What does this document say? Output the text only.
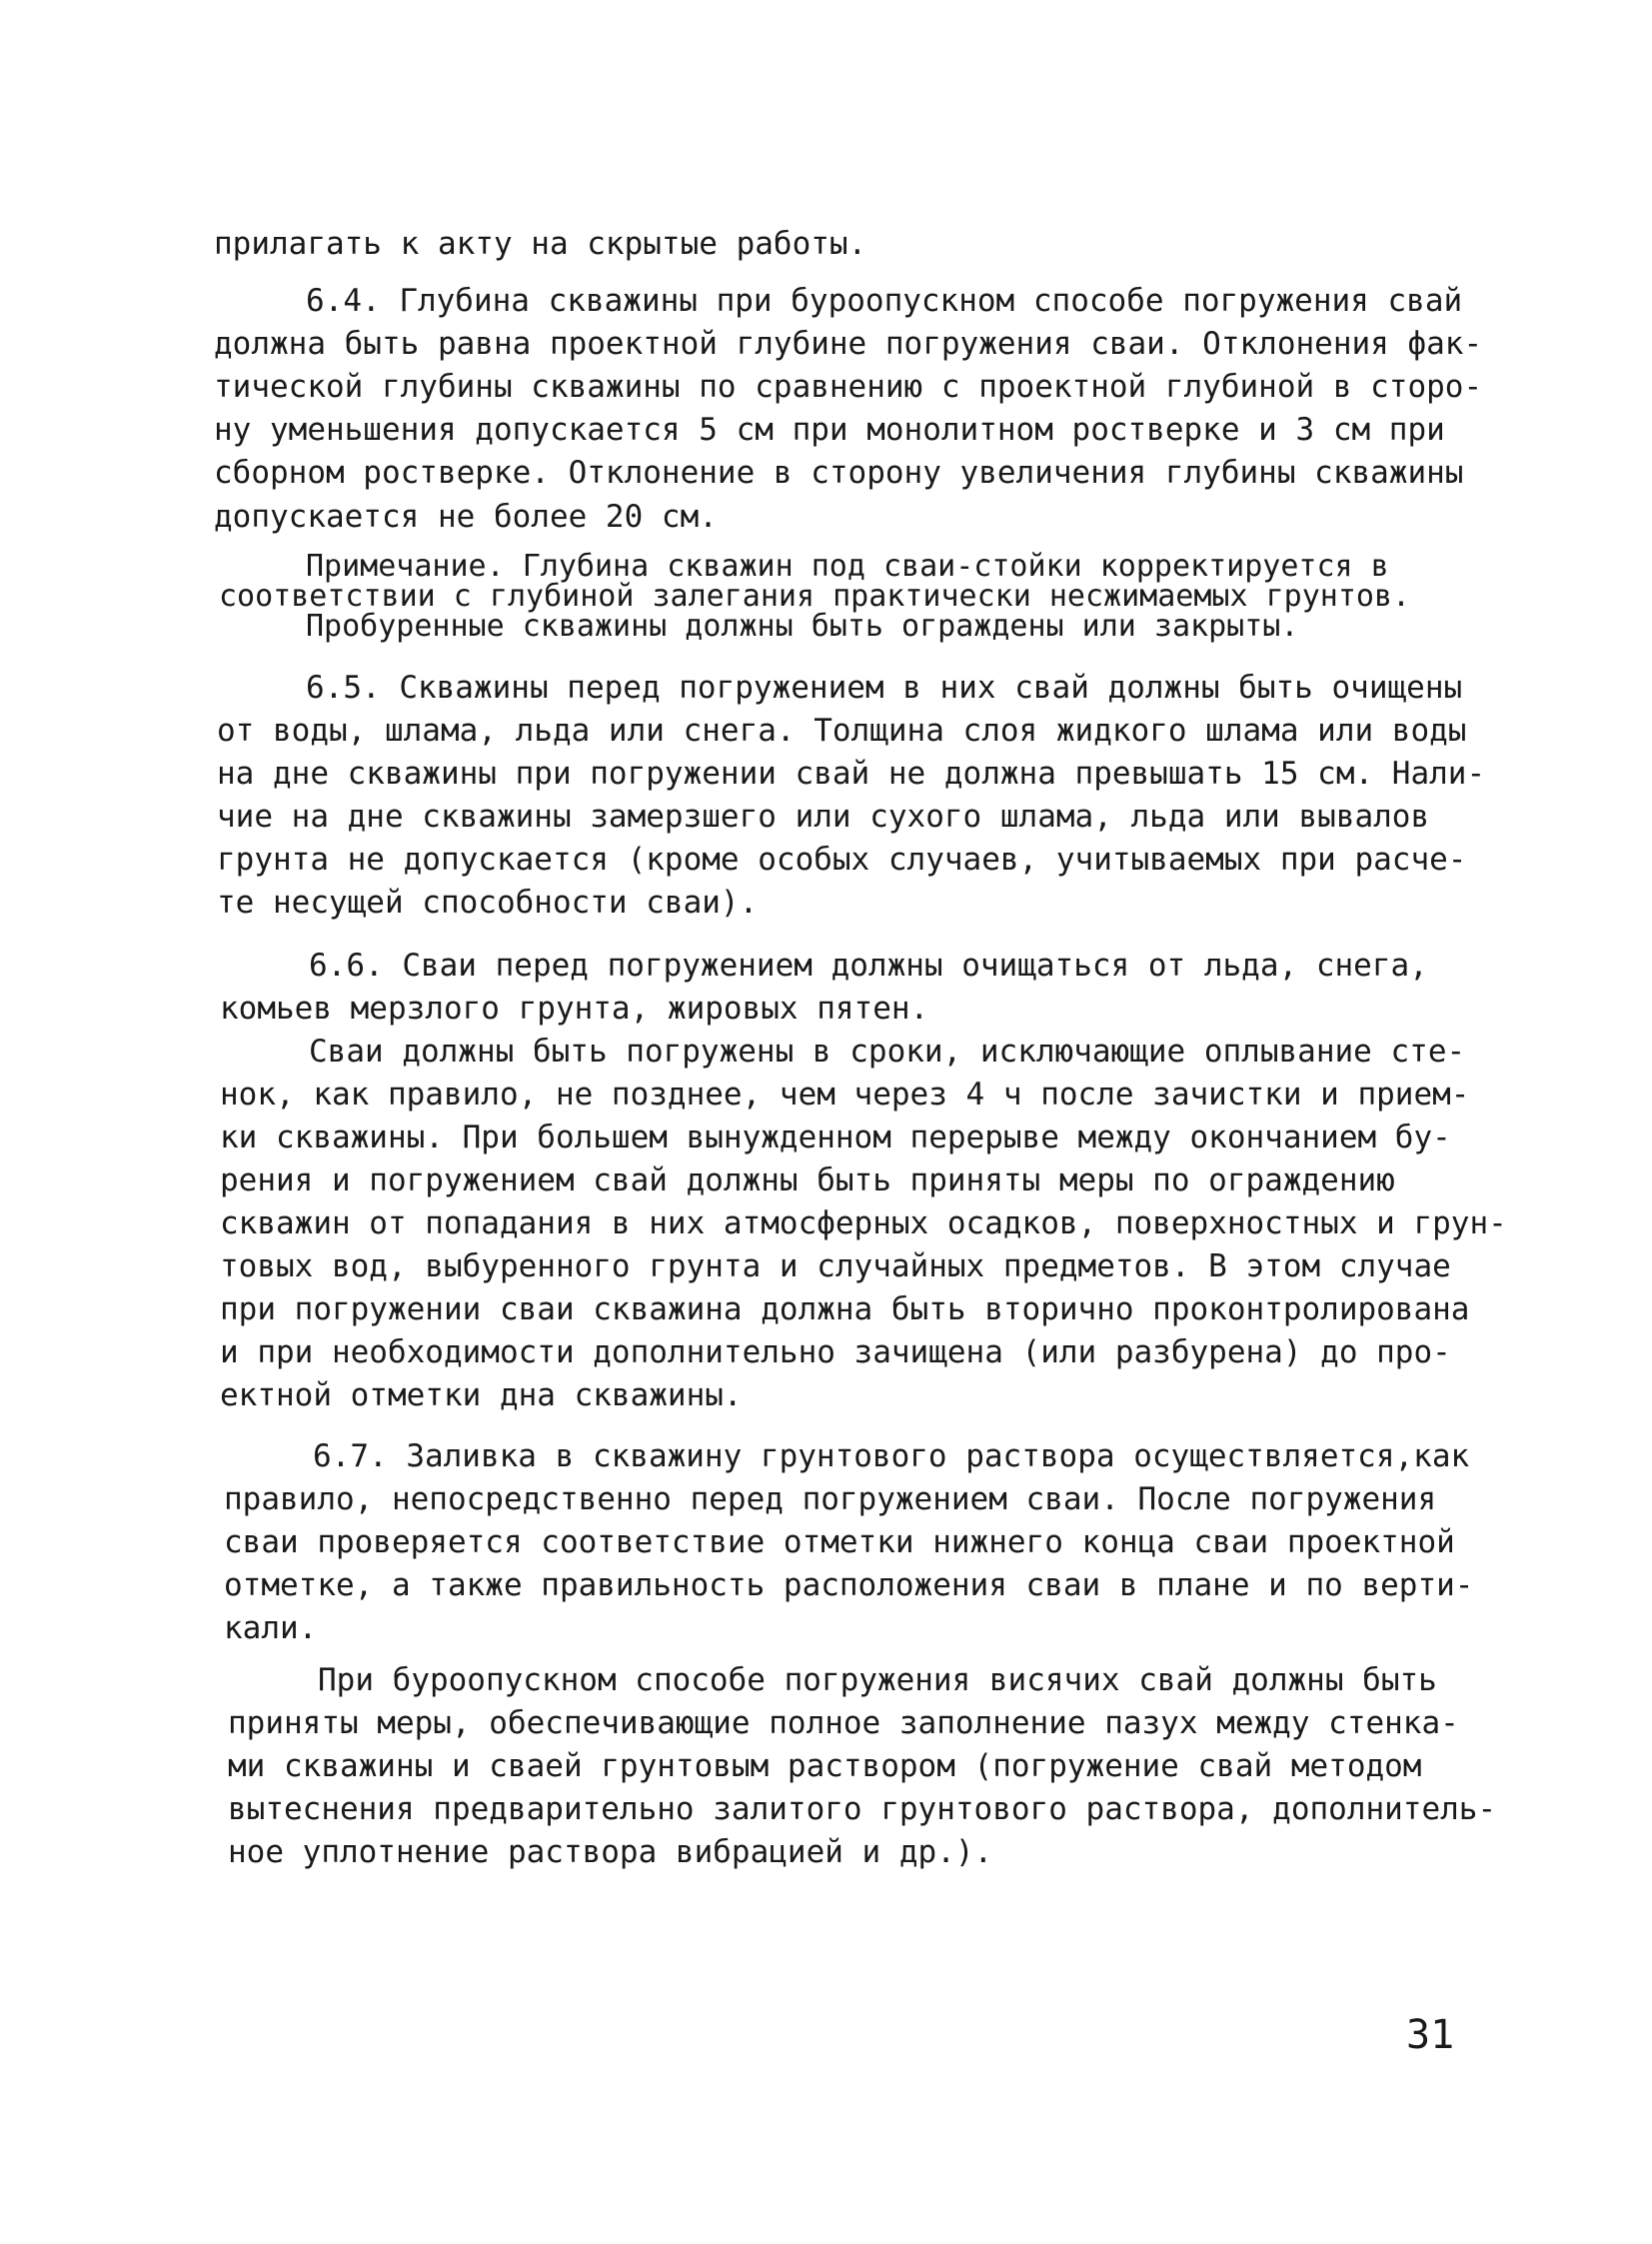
прилагать к акту на скрытые работы.
6.4. Глубина скважины при бурoопускном способе погружения свай
должна быть равна проектной глубине погружения сваи. Отклонения фак-
тической глубины скважины по сравнению с проектной глубиной в сторо-
ну уменьшения допускается 5 см при монолитном ростверке и 3 см при
сборном ростверке. Отклонение в сторону увеличения глубины скважины
допускается не более 20 см.
Примечание. Глубина скважин под сваи-стойки корректируется в
соответствии с глубиной залегания практически несжимаемых грунтов.
Пробуренные скважины должны быть ограждены или закрыты.
6.5. Скважины перед погружением в них свай должны быть очищены
от воды, шлама, льда или снега. Толщина слоя жидкого шлама или воды
на дне скважины при погружении свай не должна превышать 15 см. Нали-
чие на дне скважины замерзшего или сухого шлама, льда или вывалов
грунта не допускается (кроме особых случаев, учитываемых при расче-
те несущей способности сваи).
6.6. Сваи перед погружением должны очищаться от льда, снега,
комьев мерзлого грунта, жировых пятен.
Сваи должны быть погружены в сроки, исключающие оплывание сте-
нок, как правило, не позднее, чем через 4 ч после зачистки и прием-
ки скважины. При большем вынужденном перерыве между окончанием бу-
рения и погружением свай должны быть приняты меры по ограждению
скважин от попадания в них атмосферных осадков, поверхностных и грун-
товых вод, выбуренного грунта и случайных предметов. В этом случае
при погружении сваи скважина должна быть вторично проконтролирована
и при необходимости дополнительно зачищена (или разбурена) до про-
ектной отметки дна скважины.
6.7. Заливка в скважину грунтового раствора осуществляется,как
правило, непосредственно перед погружением сваи. После погружения
сваи проверяется соответствие отметки нижнего конца сваи проектной
отметке, а также правильность расположения сваи в плане и по верти-
кали.
При бурoопускном способе погружения висячих свай должны быть
приняты меры, обеспечивающие полное заполнение пазух между стенка-
ми скважины и сваей грунтовым раствором (погружение свай методом
вытеснения предварительно залитого грунтового раствора, дополнитель-
ное уплотнение раствора вибрацией и др.).
31
